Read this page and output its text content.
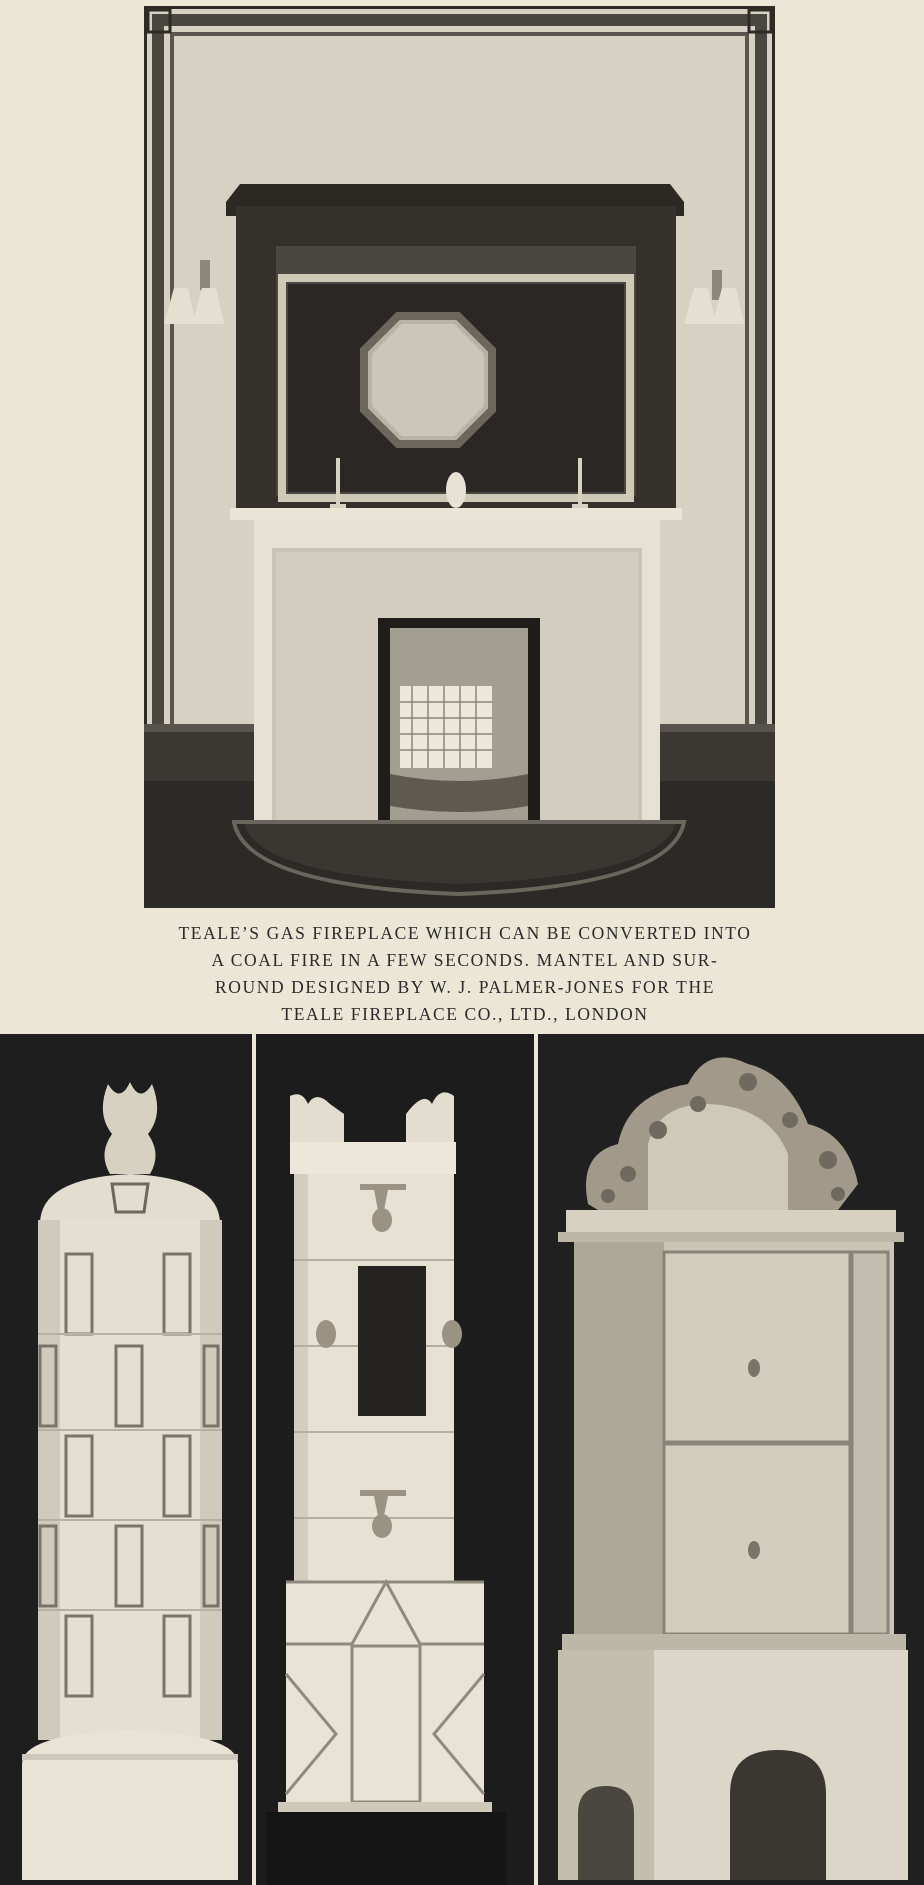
TEALE’S GAS FIREPLACE WHICH CAN BE CONVERTED INTO
A COAL FIRE IN A FEW SECONDS. MANTEL AND SUR-
ROUND DESIGNED BY W. J. PALMER-JONES FOR THE
TEALE FIREPLACE CO., LTD., LONDON
